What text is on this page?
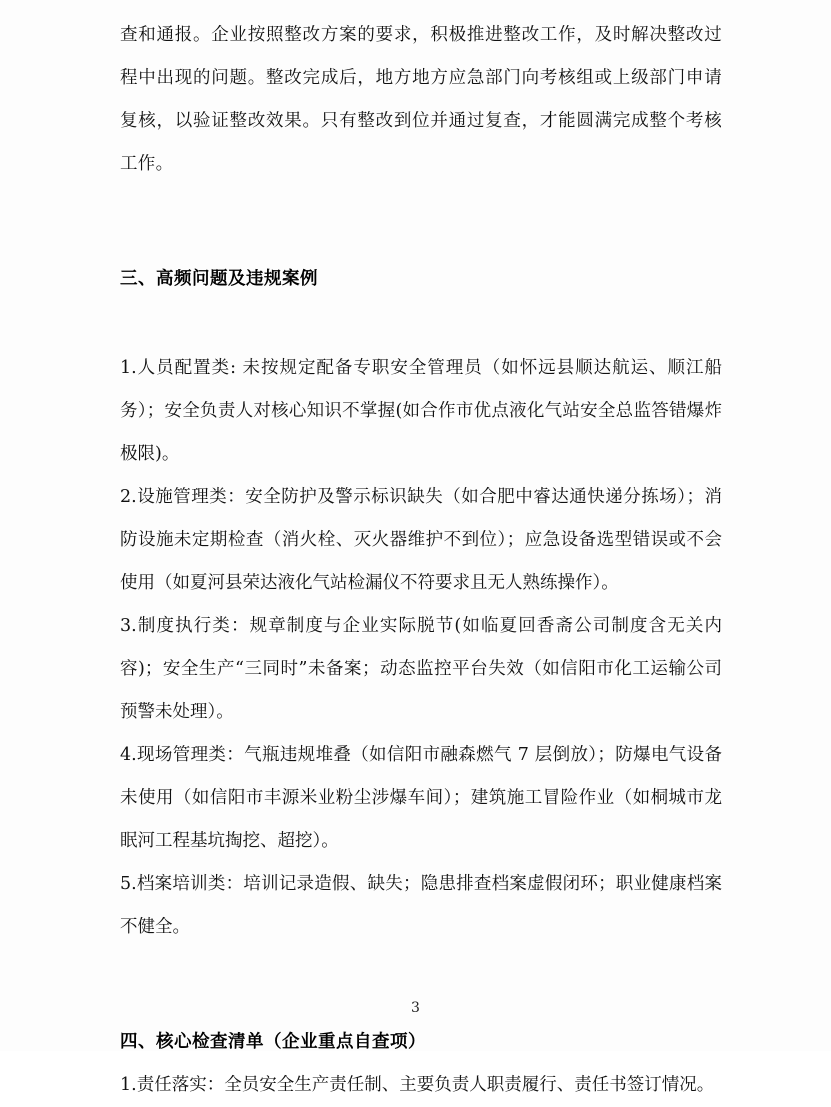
查和通报。企业按照整改方案的要求，积极推进整改工作，及时解决整改过程中出现的问题。整改完成后，地方地方应急部门向考核组或上级部门申请复核，以验证整改效果。只有整改到位并通过复查，才能圆满完成整个考核工作。

三、高频问题及违规案例

1.人员配置类: 未按规定配备专职安全管理员（如怀远县顺达航运、顺江船务）；安全负责人对核心知识不掌握(如合作市优点液化气站安全总监答错爆炸极限)。

2.设施管理类：安全防护及警示标识缺失（如合肥中睿达通快递分拣场）；消防设施未定期检查（消火栓、灭火器维护不到位）；应急设备选型错误或不会使用（如夏河县荣达液化气站检漏仪不符要求且无人熟练操作）。

3.制度执行类：规章制度与企业实际脱节(如临夏回香斋公司制度含无关内容)；安全生产“三同时”未备案；动态监控平台失效（如信阳市化工运输公司预警未处理）。

4.现场管理类：气瓶违规堆叠（如信阳市融森燃气 7 层倒放）；防爆电气设备未使用（如信阳市丰源米业粉尘涉爆车间）；建筑施工冒险作业（如桐城市龙眠河工程基坑掏挖、超挖）。

5.档案培训类：培训记录造假、缺失；隐患排查档案虚假闭环；职业健康档案不健全。

四、核心检查清单（企业重点自查项）

1.责任落实：全员安全生产责任制、主要负责人职责履行、责任书签订情况。

3
